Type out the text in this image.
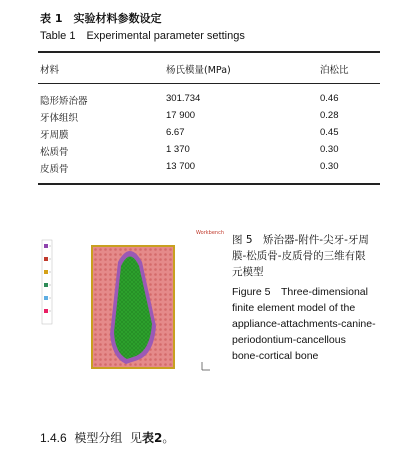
表 1　实验材料参数设定
Table 1　Experimental parameter settings
材料	杨氏模量(MPa)	泊松比
隐形矫治器	301.734	0.46
牙体组织	17 900	0.28
牙周膜	6.67	0.45
松质骨	1 370	0.30
皮质骨	13 700	0.30
Workbench
图 5　矫治器-附件-尖牙-牙周
膜-松质骨-皮质骨的三维有限
元模型
Figure 5　Three-dimensional
finite element model of the
appliance-attachments-canine-
periodontium-cancellous
bone-cortical bone
1.4.6 模型分组 见表2。
